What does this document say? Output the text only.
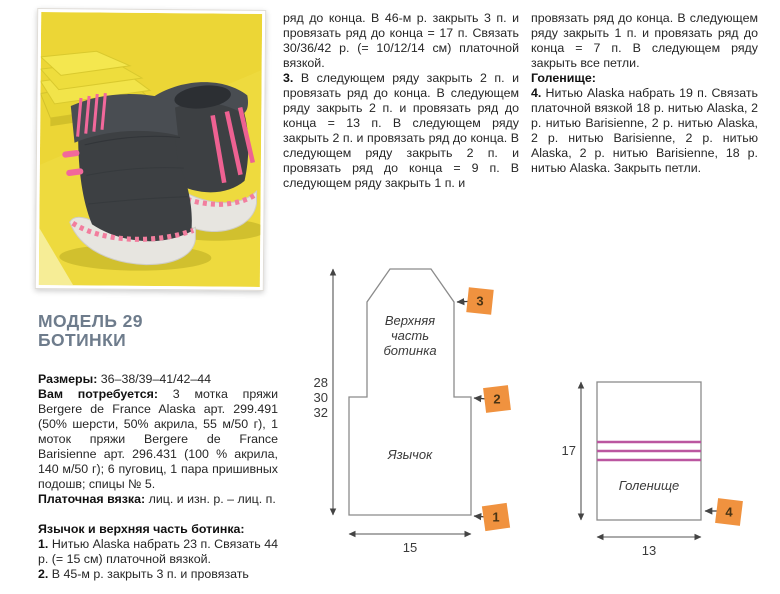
МОДЕЛЬ 29
БОТИНКИ

Размеры: 36–38/39–41/42–44

Вам потребуется: 3 мотка пряжи Bergere de France Alaska арт. 299.491 (50% шерсти, 50% акрила, 55 м/50 г), 1 моток пряжи Bergere de France Barisienne арт. 296.431 (100 % акрила, 140 м/50 г); 6 пуговиц, 1 пара пришивных подошв; спицы № 5.

Платочная вязка: лиц. и изн. р. – лиц. п.

Язычок и верхняя часть ботинка:

1. Нитью Alaska набрать 23 п. Связать 44 р. (= 15 см) платочной вязкой.

2. В 45-м р. закрыть 3 п. и провязать

ряд до конца. В 46-м р. закрыть 3 п. и провязать ряд до конца = 17 п. Связать 30/36/42 р. (= 10/12/14 см) платочной вязкой.

3. В следующем ряду закрыть 2 п. и провязать ряд до конца. В следующем ряду закрыть 2 п. и провязать ряд до конца = 13 п. В следующем ряду закрыть 2 п. и провязать ряд до конца. В следующем ряду закрыть 2 п. и провязать ряд до конца = 9 п. В следующем ряду закрыть 1 п. и

провязать ряд до конца. В следующем ряду закрыть 1 п. и провязать ряд до конца = 7 п. В следующем ряду закрыть все петли.

Голенище:

4. Нитью Alaska набрать 19 п. Связать платочной вязкой 18 р. нитью Alaska, 2 р. нитью Barisienne, 2 р. нитью Alaska, 2 р. нитью Barisienne, 2 р. нитью Alaska, 2 р. нитью Barisienne, 18 р. нитью Alaska. Закрыть петли.

28
30
32
15
Верхняя
часть
ботинка
Язычок
3
2
1
Голенище
17
13
4
